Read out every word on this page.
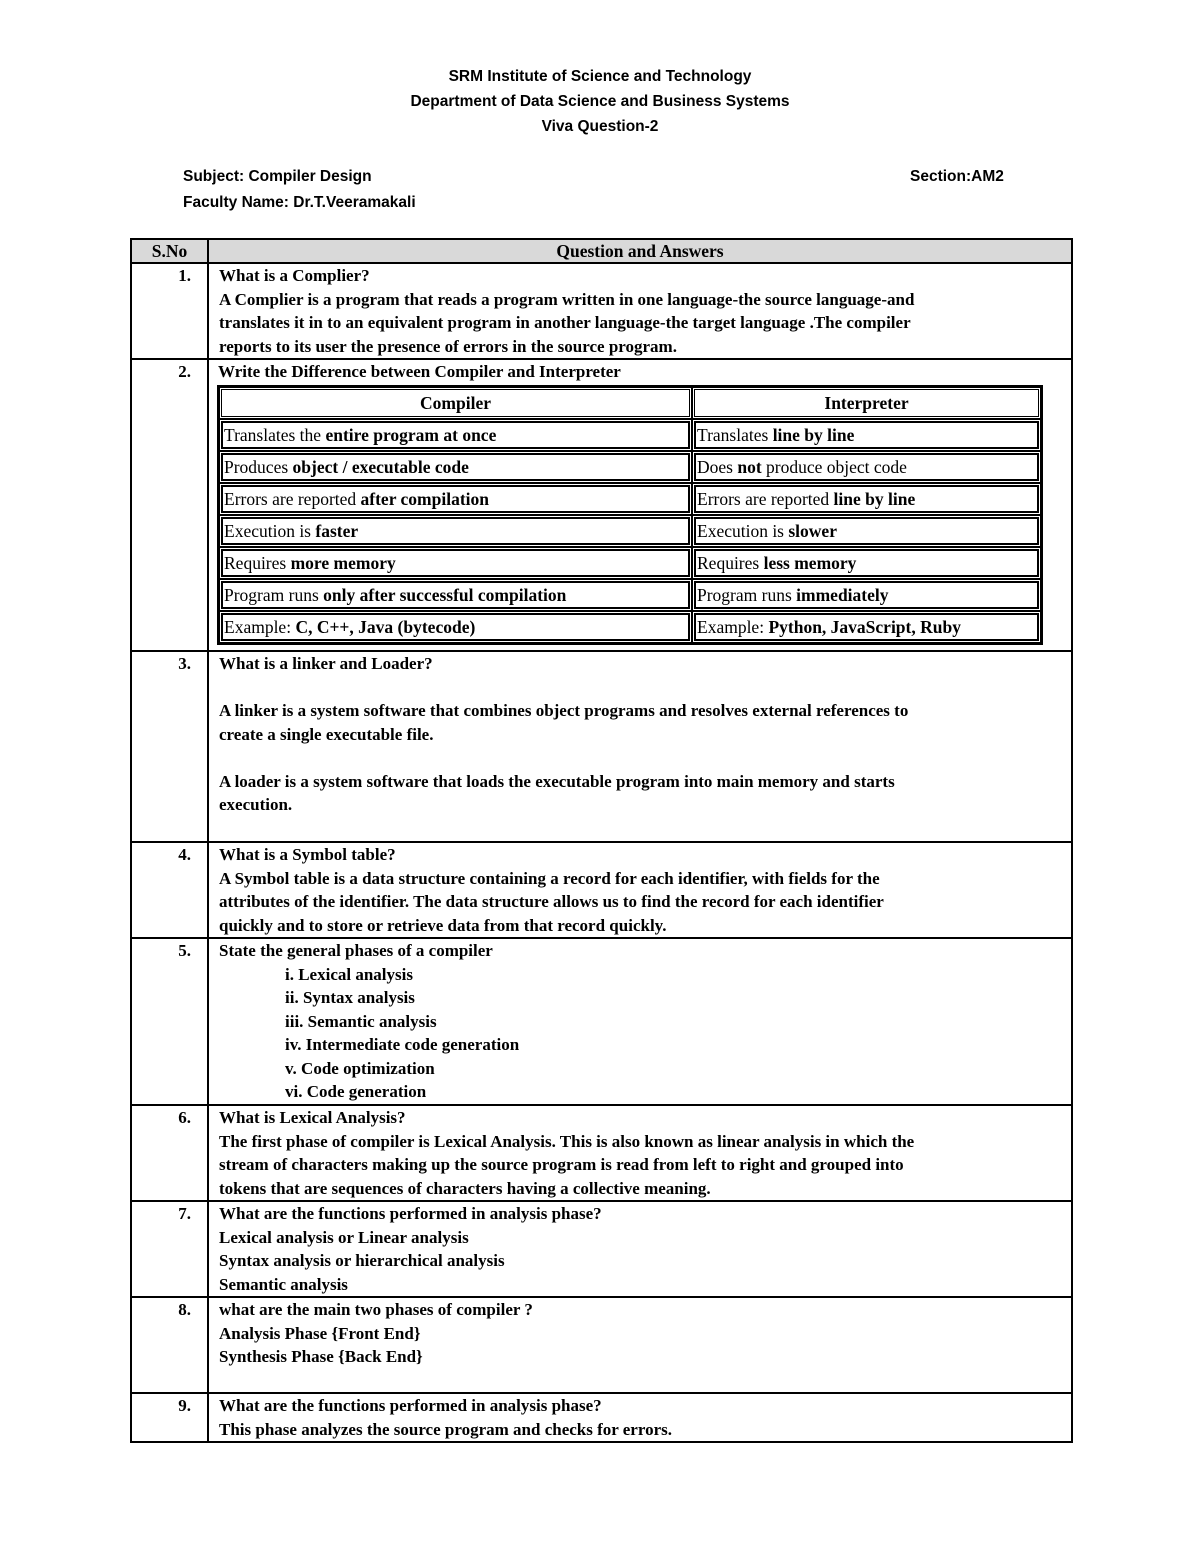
SRM Institute of Science and Technology
Department of Data Science and Business Systems
Viva Question-2
Subject: Compiler Design	Section:AM2
Faculty Name: Dr.T.Veeramakali
S.No	Question and Answers
1.	What is a Complier?
A Complier is a program that reads a program written in one language-the source language-and
translates it in to an equivalent program in another language-the target language .The compiler
reports to its user the presence of errors in the source program.

2.	Write the Difference between Compiler and Interpreter
Compiler	Interpreter
Translates the entire program at once	Translates line by line
Produces object / executable code	Does not produce object code
Errors are reported after compilation	Errors are reported line by line
Execution is faster	Execution is slower
Requires more memory	Requires less memory
Program runs only after successful compilation	Program runs immediately
Example: C, C++, Java (bytecode)	Example: Python, JavaScript, Ruby

3.	What is a linker and Loader?
A linker is a system software that combines object programs and resolves external references to
create a single executable file.
A loader is a system software that loads the executable program into main memory and starts
execution.

4.	What is a Symbol table?
A Symbol table is a data structure containing a record for each identifier, with fields for the
attributes of the identifier. The data structure allows us to find the record for each identifier
quickly and to store or retrieve data from that record quickly.

5.	State the general phases of a compiler
i. Lexical analysis
ii. Syntax analysis
iii. Semantic analysis
iv. Intermediate code generation
v. Code optimization
vi. Code generation

6.	What is Lexical Analysis?
The first phase of compiler is Lexical Analysis. This is also known as linear analysis in which the
stream of characters making up the source program is read from left to right and grouped into
tokens that are sequences of characters having a collective meaning.

7.	What are the functions performed in analysis phase?
Lexical analysis or Linear analysis
Syntax analysis or hierarchical analysis
Semantic analysis

8.	what are the main two phases of compiler ?
Analysis Phase {Front End}
Synthesis Phase {Back End}

9.	What are the functions performed in analysis phase?
This phase analyzes the source program and checks for errors.
